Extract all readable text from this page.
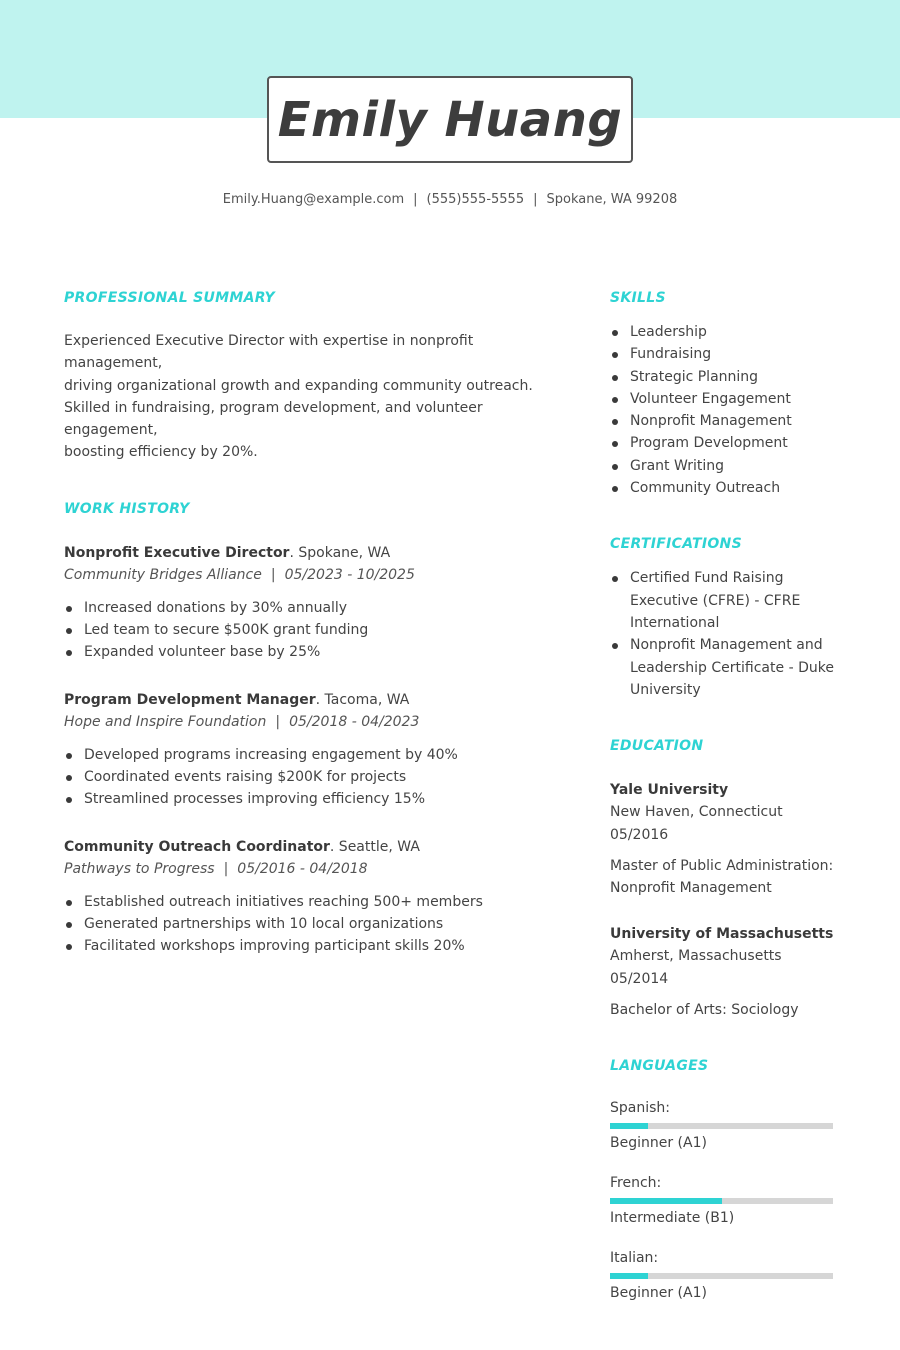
Emily Huang
Emily.Huang@example.com | (555)555-5555 | Spokane, WA 99208
PROFESSIONAL SUMMARY
Experienced Executive Director with expertise in nonprofit management,
driving organizational growth and expanding community outreach.
Skilled in fundraising, program development, and volunteer engagement,
boosting efficiency by 20%.
WORK HISTORY
Nonprofit Executive Director. Spokane, WA
Community Bridges Alliance | 05/2023 - 10/2025
Increased donations by 30% annually
Led team to secure $500K grant funding
Expanded volunteer base by 25%
Program Development Manager. Tacoma, WA
Hope and Inspire Foundation | 05/2018 - 04/2023
Developed programs increasing engagement by 40%
Coordinated events raising $200K for projects
Streamlined processes improving efficiency 15%
Community Outreach Coordinator. Seattle, WA
Pathways to Progress | 05/2016 - 04/2018
Established outreach initiatives reaching 500+ members
Generated partnerships with 10 local organizations
Facilitated workshops improving participant skills 20%
SKILLS
Leadership
Fundraising
Strategic Planning
Volunteer Engagement
Nonprofit Management
Program Development
Grant Writing
Community Outreach
CERTIFICATIONS
Certified Fund Raising Executive (CFRE) - CFRE International
Nonprofit Management and Leadership Certificate - Duke University
EDUCATION
Yale University
New Haven, Connecticut
05/2016
Master of Public Administration: Nonprofit Management
University of Massachusetts
Amherst, Massachusetts
05/2014
Bachelor of Arts: Sociology
LANGUAGES
Spanish:
Beginner (A1)
French:
Intermediate (B1)
Italian:
Beginner (A1)
